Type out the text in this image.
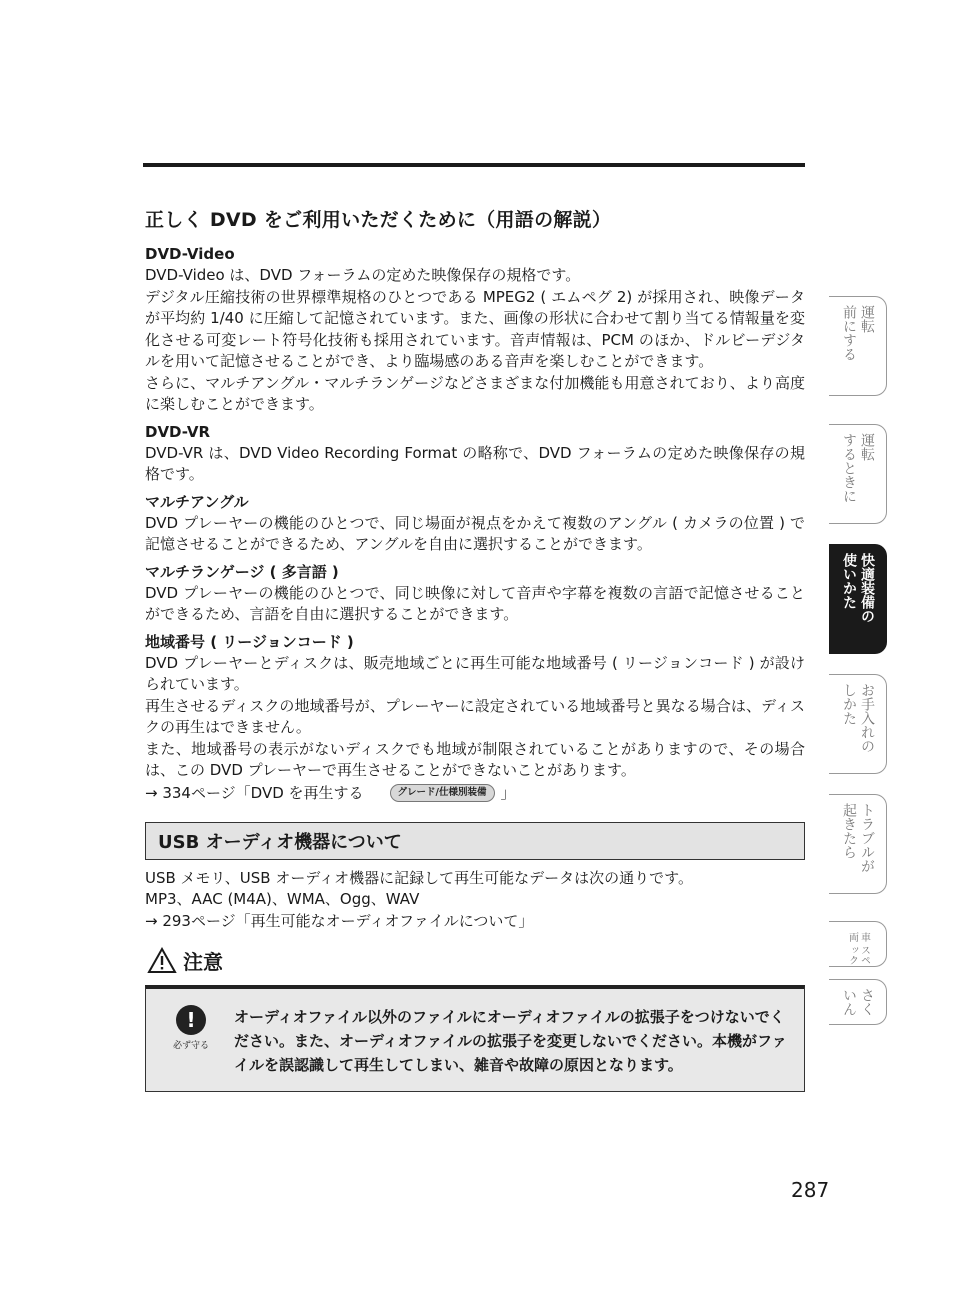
正しく DVD をご利用いただくために（用語の解説）
DVD-Video
DVD-Video は、DVD フォーラムの定めた映像保存の規格です。
デジタル圧縮技術の世界標準規格のひとつである MPEG2 ( エムペグ 2) が採用され、映像データが平均約 1/40 に圧縮して記憶されています。また、画像の形状に合わせて割り当てる情報量を変化させる可変レート符号化技術も採用されています。音声情報は、PCM のほか、ドルビーデジタルを用いて記憶させることができ、より臨場感のある音声を楽しむことができます。
さらに、マルチアングル・マルチランゲージなどさまざまな付加機能も用意されており、より高度に楽しむことができます。
DVD-VR
DVD-VR は、DVD Video Recording Format の略称で、DVD フォーラムの定めた映像保存の規格です。
マルチアングル
DVD プレーヤーの機能のひとつで、同じ場面が視点をかえて複数のアングル ( カメラの位置 ) で記憶させることができるため、アングルを自由に選択することができます。
マルチランゲージ ( 多言語 )
DVD プレーヤーの機能のひとつで、同じ映像に対して音声や字幕を複数の言語で記憶させることができるため、言語を自由に選択することができます。
地域番号 ( リージョンコード )
DVD プレーヤーとディスクは、販売地域ごとに再生可能な地域番号 ( リージョンコード ) が設けられています。
再生させるディスクの地域番号が、プレーヤーに設定されている地域番号と異なる場合は、ディスクの再生はできません。
また、地域番号の表示がないディスクでも地域が制限されていることがありますので、その場合は、この DVD プレーヤーで再生させることができないことがあります。
→ 334ページ「DVD を再生する	グレード/仕様別装備 」
USB オーディオ機器について
USB メモリ、USB オーディオ機器に記録して再生可能なデータは次の通りです。
MP3、AAC (M4A)、WMA、Ogg、WAV
→ 293ページ「再生可能なオーディオファイルについて」
注意
!
必ず守る
オーディオファイル以外のファイルにオーディオファイルの拡張子をつけないでください。また、オーディオファイルの拡張子を変更しないでください。本機がファイルを誤認識して再生してしまい、雑音や故障の原因となります。
運転
前にする
運転
するときに
快適装備の
使いかた
お手入れの
しかた
トラブルが
起きたら
車両
スペック
さく
いん
287
